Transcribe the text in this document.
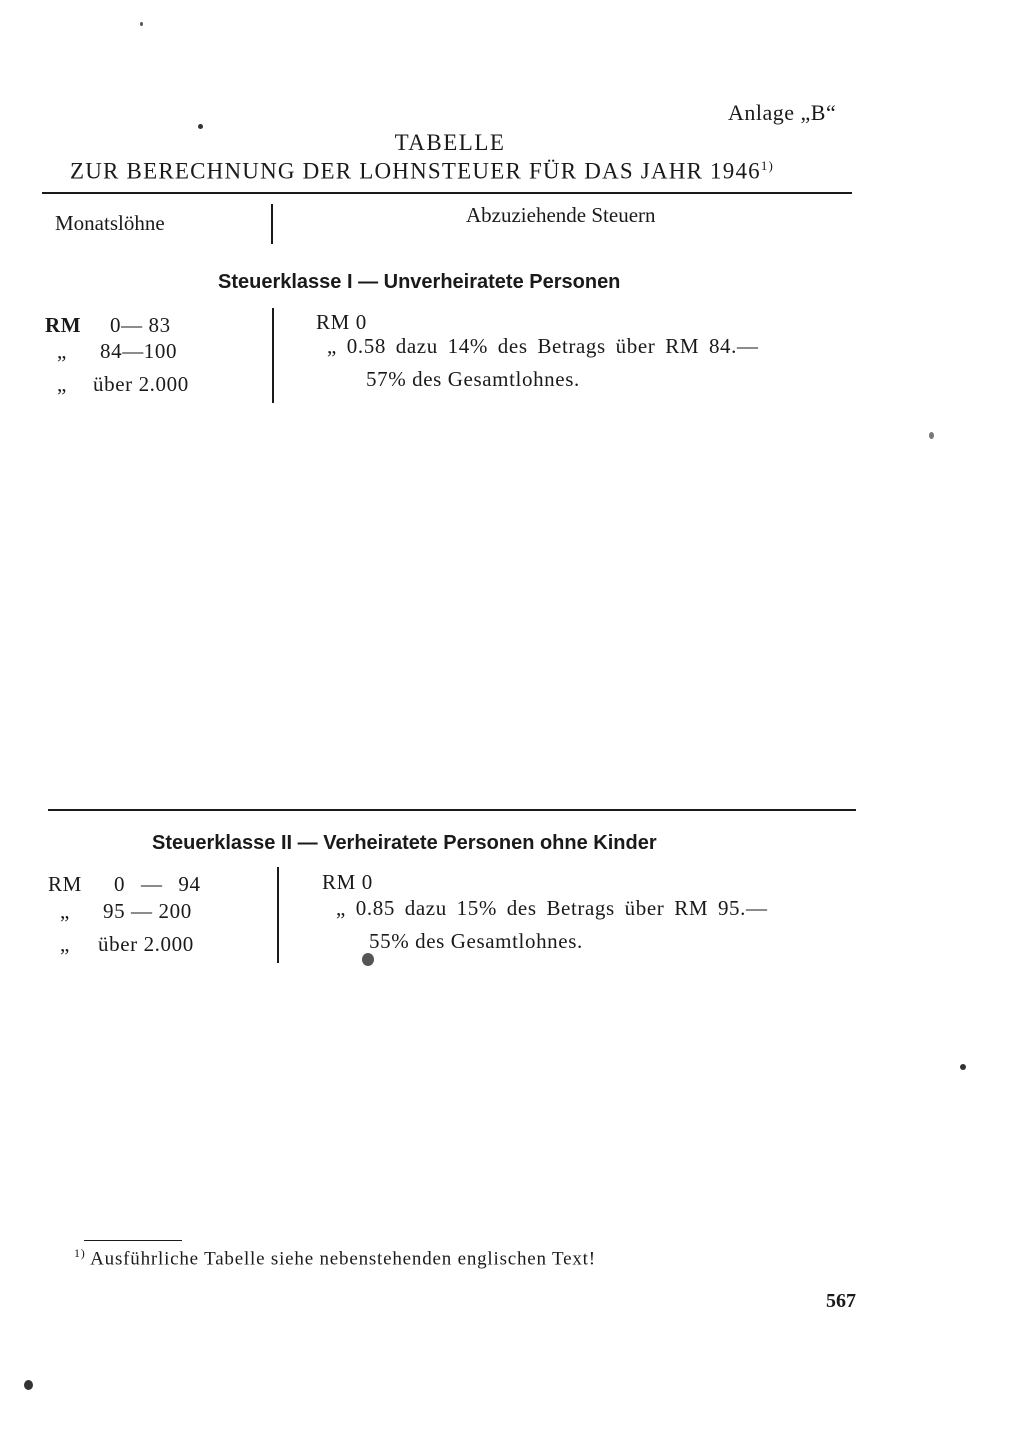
Anlage „B“
TABELLE
ZUR BERECHNUNG DER LOHNSTEUER FÜR DAS JAHR 1946$^{1)}$
Monatslöhne	Abzuziehende Steuern
Steuerklasse I — Unverheiratete Personen
RM 0— 83
„ 84—100
„ über 2.000
RM 0
„ 0.58 dazu 14% des Betrags über RM 84.—
57% des Gesamtlohnes.
Steuerklasse II — Verheiratete Personen ohne Kinder
RM 0 — 94
„ 95 — 200
„ über 2.000
RM 0
„ 0.85 dazu 15% des Betrags über RM 95.—
55% des Gesamtlohnes.
$^{1)}$ Ausführliche Tabelle siehe nebenstehenden englischen Text!
567
